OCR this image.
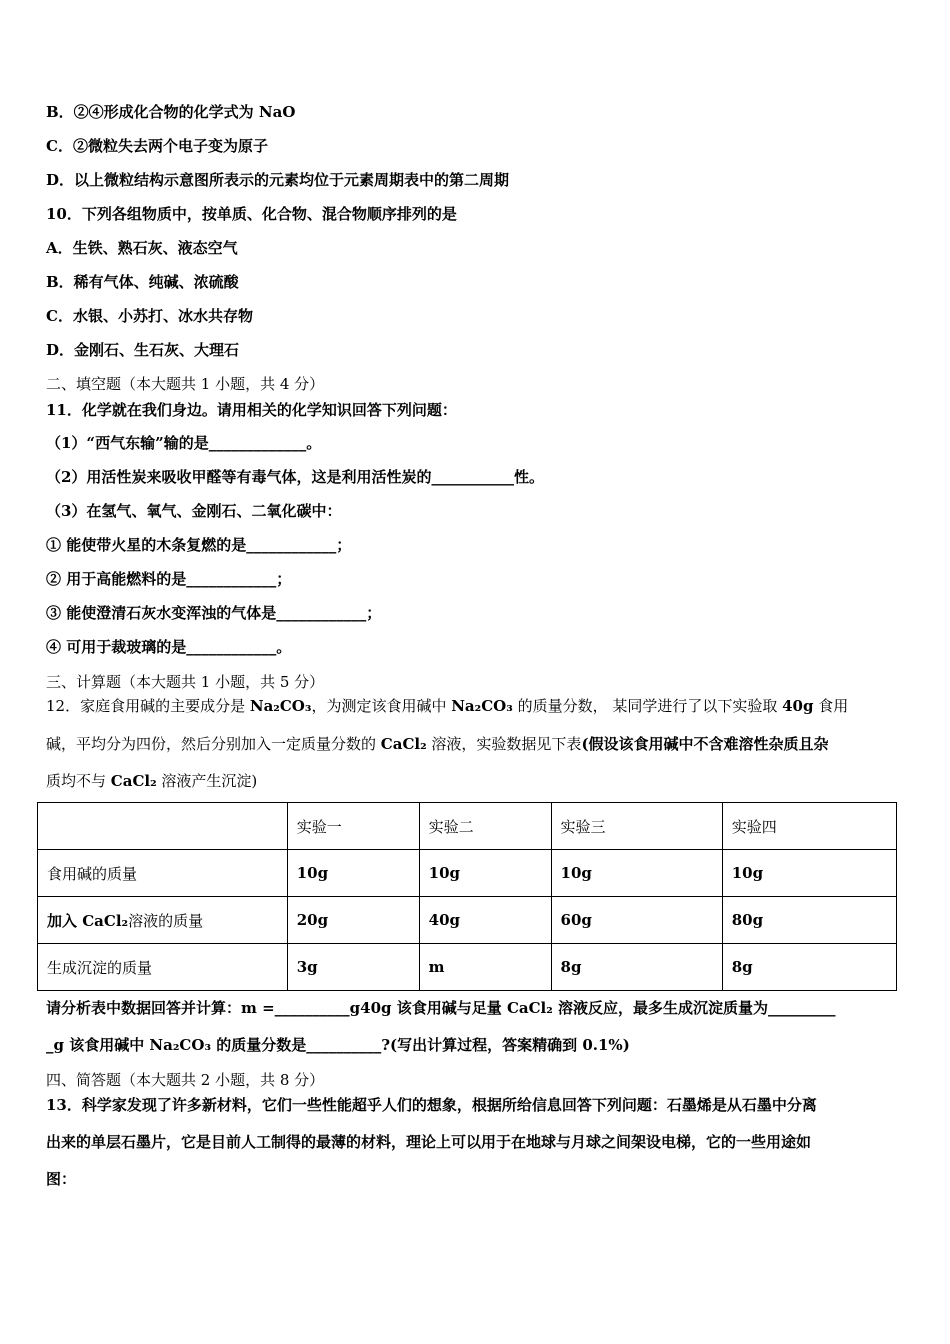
B．②④形成化合物的化学式为 NaO
C．②微粒失去两个电子变为原子
D．以上微粒结构示意图所表示的元素均位于元素周期表中的第二周期
10．下列各组物质中，按单质、化合物、混合物顺序排列的是
A．生铁、熟石灰、液态空气
B．稀有气体、纯碱、浓硫酸
C．水银、小苏打、冰水共存物
D．金刚石、生石灰、大理石
二、填空题（本大题共 1 小题，共 4 分）
11．化学就在我们身边。请用相关的化学知识回答下列问题：
（1）“西气东输”输的是_____________。
（2）用活性炭来吸收甲醛等有毒气体，这是利用活性炭的___________性。
（3）在氢气、氧气、金刚石、二氧化碳中：
① 能使带火星的木条复燃的是____________；
② 用于高能燃料的是____________；
③ 能使澄清石灰水变浑浊的气体是____________；
④ 可用于裁玻璃的是____________。
三、计算题（本大题共 1 小题，共 5 分）
12．家庭食用碱的主要成分是 Na₂CO₃，为测定该食用碱中 Na₂CO₃ 的质量分数， 某同学进行了以下实验取 40g 食用
碱，平均分为四份，然后分别加入一定质量分数的 CaCl₂ 溶液，实验数据见下表(假设该食用碱中不含难溶性杂质且杂
质均不与 CaCl₂ 溶液产生沉淀)
	实验一	实验二	实验三	实验四
食用碱的质量	10g	10g	10g	10g
加入 CaCl₂溶液的质量	20g	40g	60g	80g
生成沉淀的质量	3g	m	8g	8g
请分析表中数据回答并计算：m =__________g40g 该食用碱与足量 CaCl₂ 溶液反应，最多生成沉淀质量为_________
_g 该食用碱中 Na₂CO₃ 的质量分数是__________?(写出计算过程，答案精确到 0.1%)
四、简答题（本大题共 2 小题，共 8 分）
13．科学家发现了许多新材料，它们一些性能超乎人们的想象，根据所给信息回答下列问题：石墨烯是从石墨中分离
出来的单层石墨片，它是目前人工制得的最薄的材料，理论上可以用于在地球与月球之间架设电梯，它的一些用途如
图：
